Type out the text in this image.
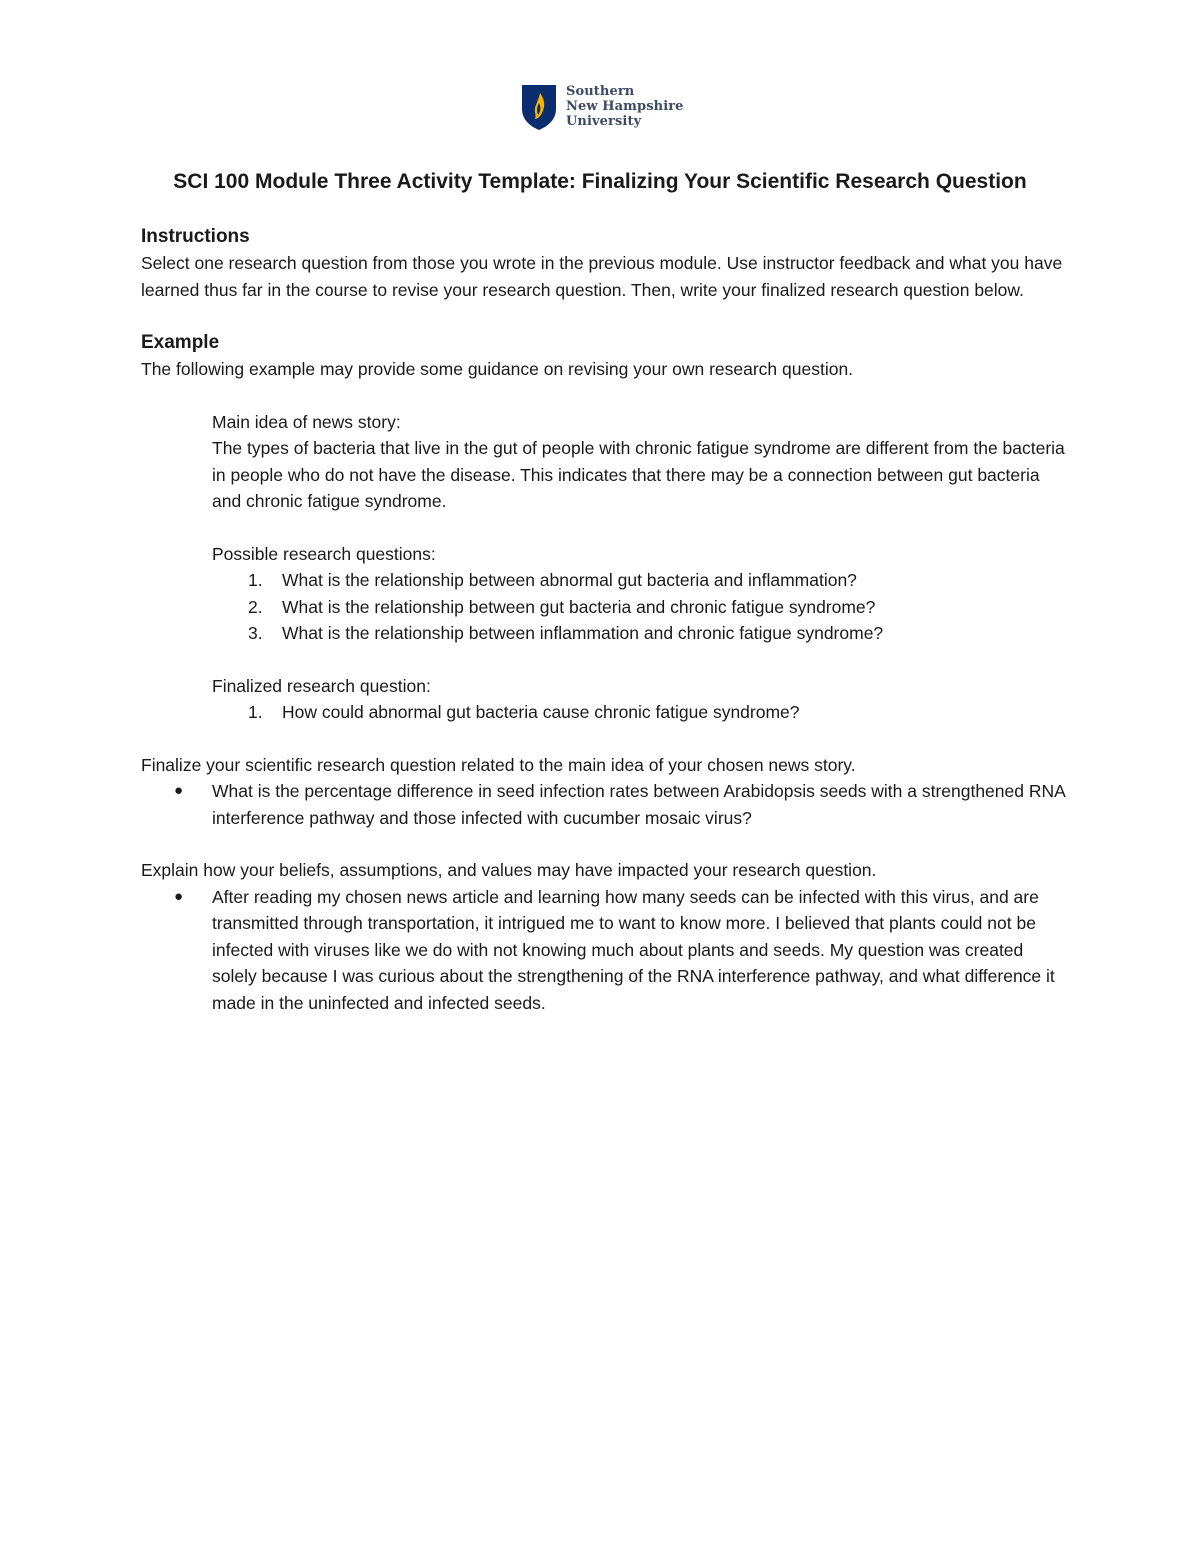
Southern
New Hampshire
University
SCI 100 Module Three Activity Template: Finalizing Your Scientific Research Question
Instructions

Select one research question from those you wrote in the previous module. Use instructor feedback and what you have learned thus far in the course to revise your research question. Then, write your finalized research question below.

Example

The following example may provide some guidance on revising your own research question.

Main idea of news story:
The types of bacteria that live in the gut of people with chronic fatigue syndrome are different from the bacteria in people who do not have the disease. This indicates that there may be a connection between gut bacteria and chronic fatigue syndrome.
Possible research questions:
1. What is the relationship between abnormal gut bacteria and inflammation?
2. What is the relationship between gut bacteria and chronic fatigue syndrome?
3. What is the relationship between inflammation and chronic fatigue syndrome?
Finalized research question:
1. How could abnormal gut bacteria cause chronic fatigue syndrome?
Finalize your scientific research question related to the main idea of your chosen news story.
● What is the percentage difference in seed infection rates between Arabidopsis seeds with a strengthened RNA interference pathway and those infected with cucumber mosaic virus?
Explain how your beliefs, assumptions, and values may have impacted your research question.
● After reading my chosen news article and learning how many seeds can be infected with this virus, and are transmitted through transportation, it intrigued me to want to know more. I believed that plants could not be infected with viruses like we do with not knowing much about plants and seeds. My question was created solely because I was curious about the strengthening of the RNA interference pathway, and what difference it made in the uninfected and infected seeds.
